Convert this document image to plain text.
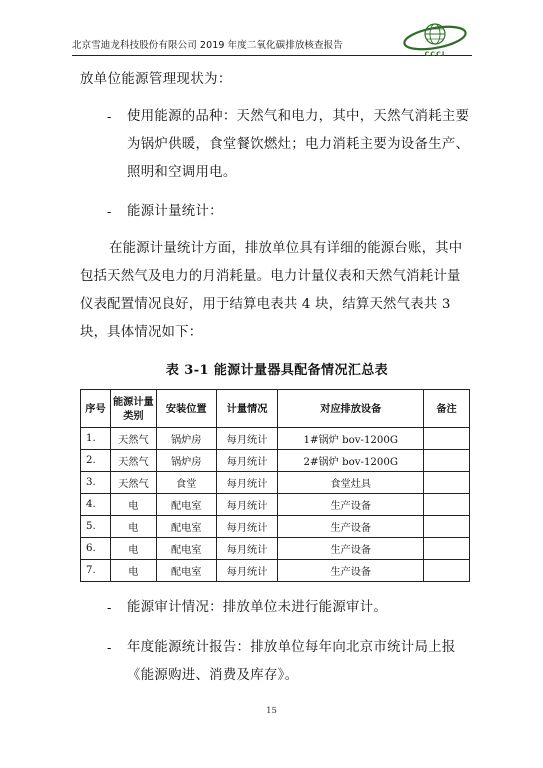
北京雪迪龙科技股份有限公司 2019 年度二氧化碳排放核查报告
CCCI
放单位能源管理现状为：
- 使用能源的品种：天然气和电力，其中，天然气消耗主要为锅炉供暖，食堂餐饮燃灶；电力消耗主要为设备生产、照明和空调用电。
- 能源计量统计：
在能源计量统计方面，排放单位具有详细的能源台账，其中包括天然气及电力的月消耗量。电力计量仪表和天然气消耗计量仪表配置情况良好，用于结算电表共 4 块，结算天然气表共 3 块，具体情况如下：
表 3-1 能源计量器具配备情况汇总表
序号	能源计量类别	安装位置	计量情况	对应排放设备	备注
1.	天然气	锅炉房	每月统计	1#锅炉 bov-1200G	
2.	天然气	锅炉房	每月统计	2#锅炉 bov-1200G	
3.	天然气	食堂	每月统计	食堂灶具	
4.	电	配电室	每月统计	生产设备	
5.	电	配电室	每月统计	生产设备	
6.	电	配电室	每月统计	生产设备	
7.	电	配电室	每月统计	生产设备	
- 能源审计情况：排放单位未进行能源审计。
- 年度能源统计报告：排放单位每年向北京市统计局上报《能源购进、消费及库存》。
15
